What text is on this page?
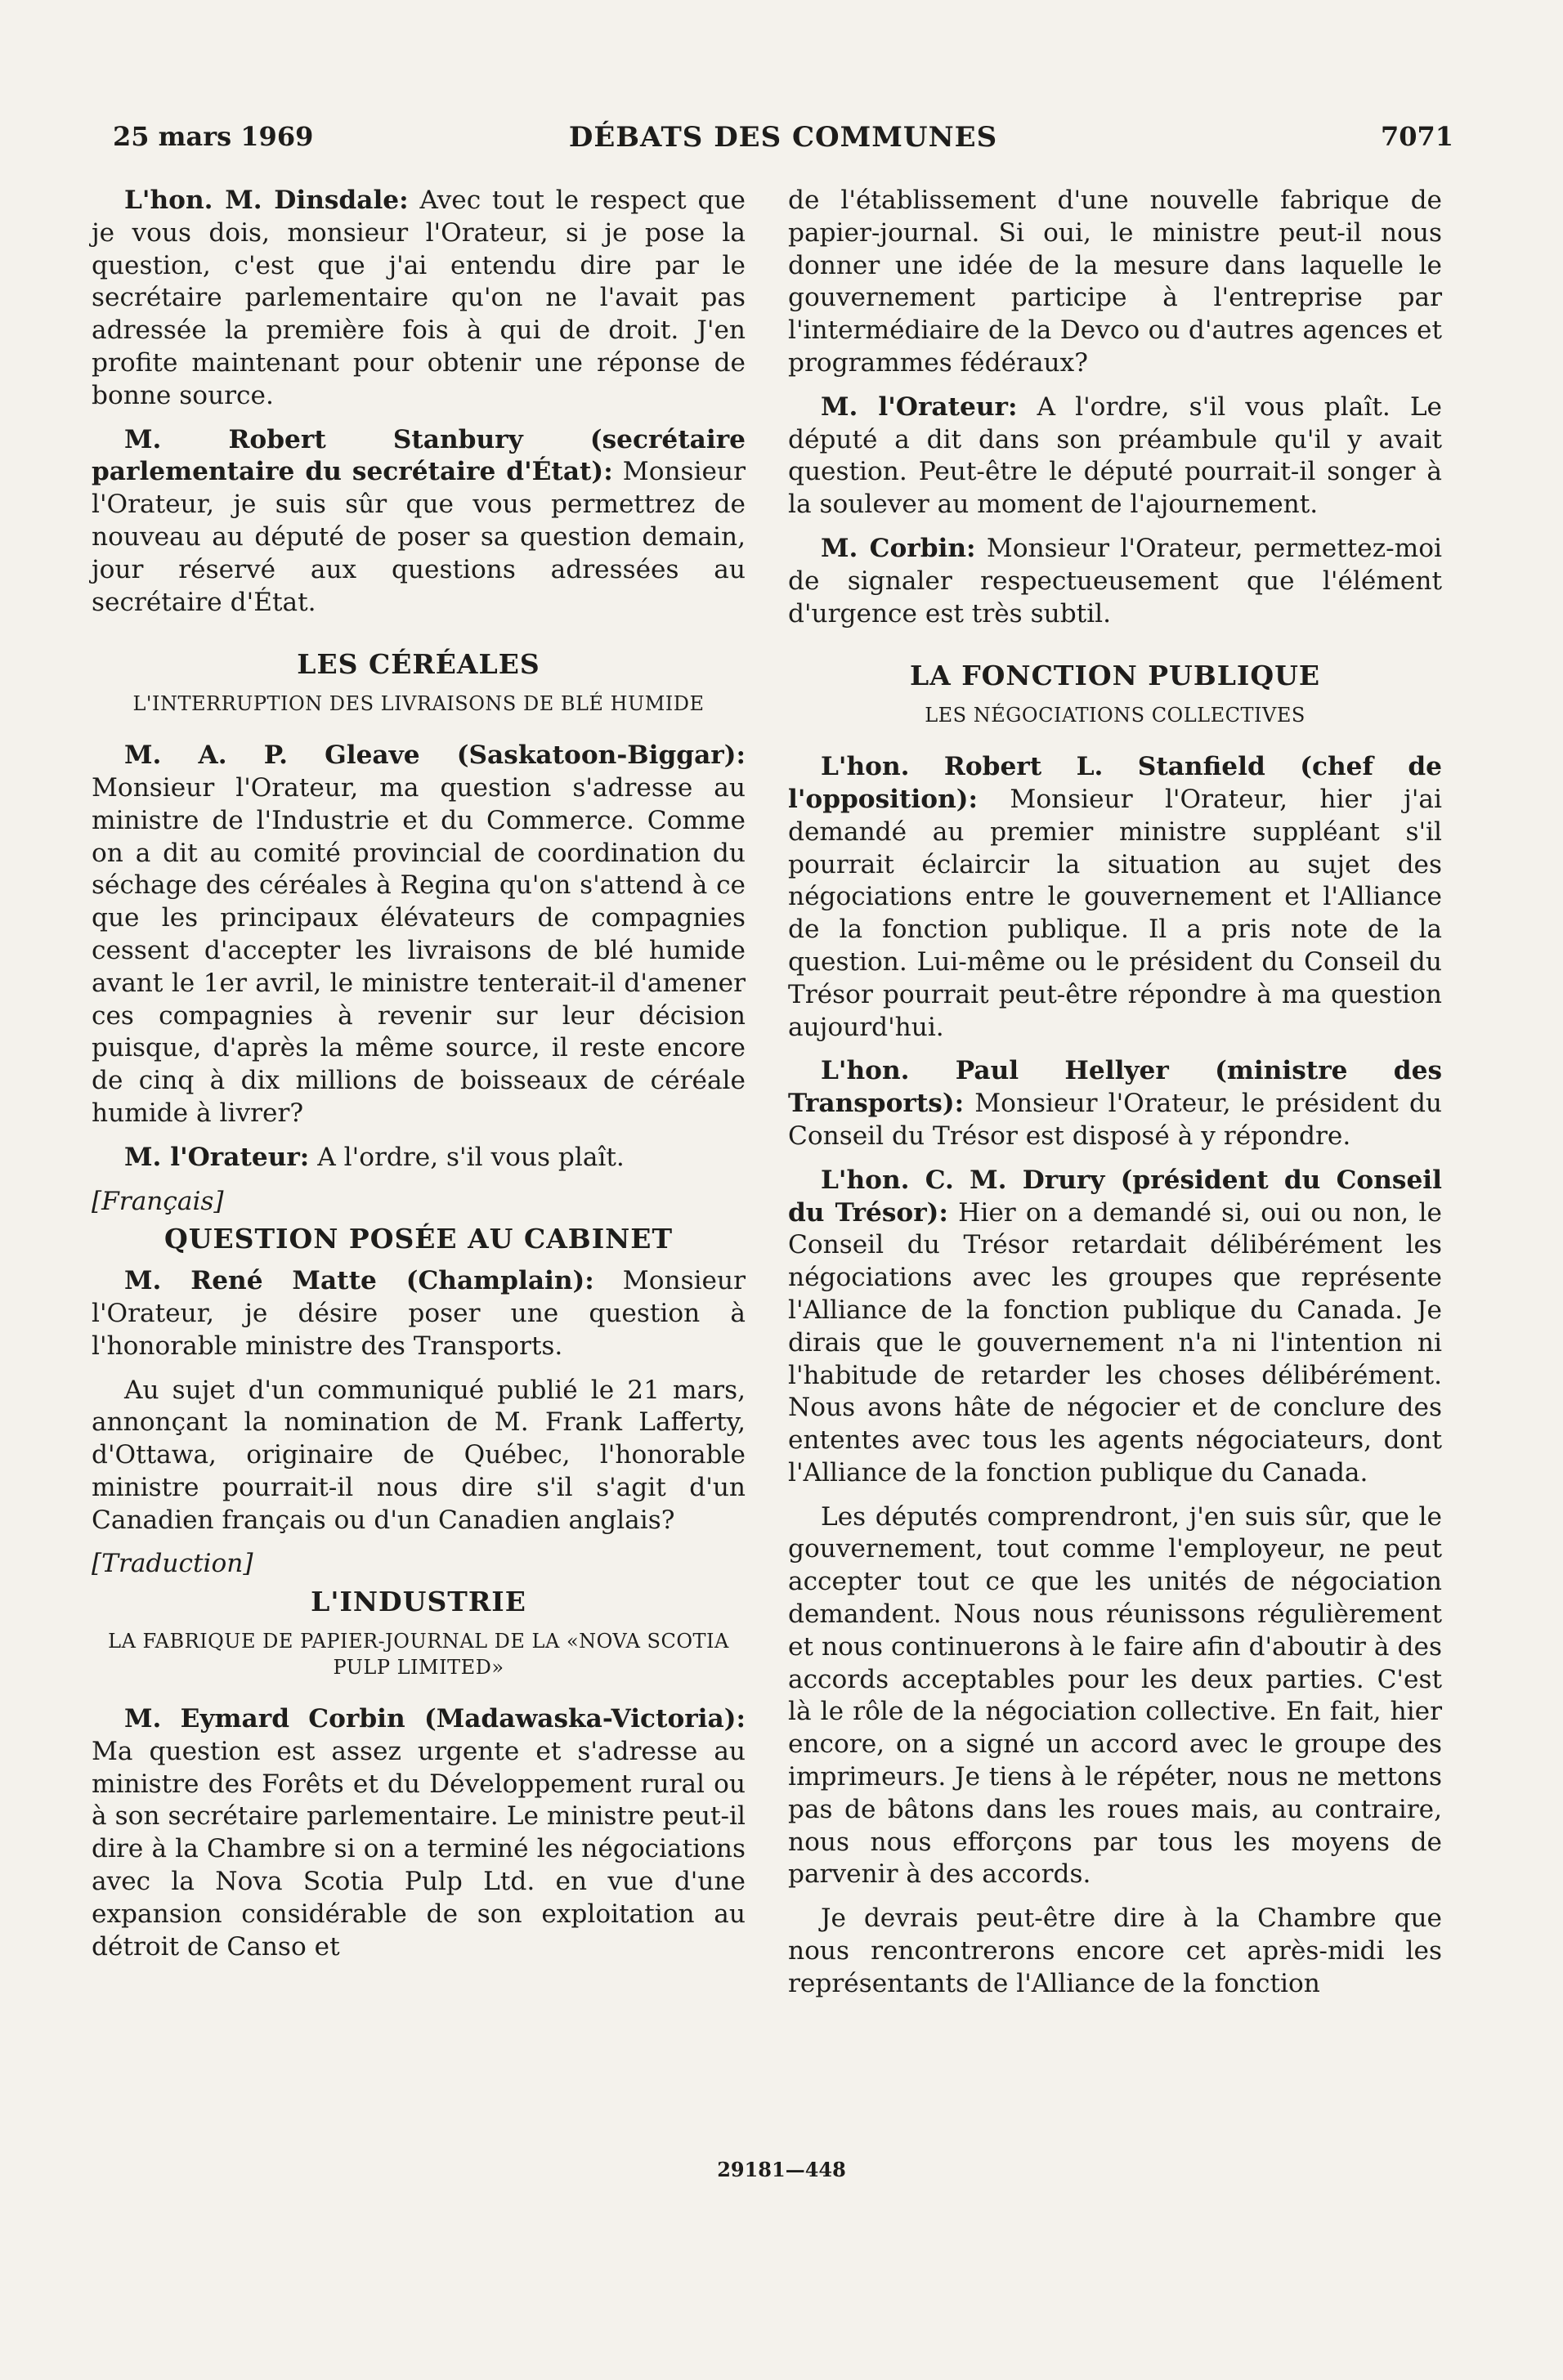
25 mars 1969	DÉBATS DES COMMUNES	7071

L'hon. M. Dinsdale: Avec tout le respect que je vous dois, monsieur l'Orateur, si je pose la question, c'est que j'ai entendu dire par le secrétaire parlementaire qu'on ne l'avait pas adressée la première fois à qui de droit. J'en profite maintenant pour obtenir une réponse de bonne source.

M. Robert Stanbury (secrétaire parlementaire du secrétaire d'État): Monsieur l'Orateur, je suis sûr que vous permettrez de nouveau au député de poser sa question demain, jour réservé aux questions adressées au secrétaire d'État.

LES CÉRÉALES
L'INTERRUPTION DES LIVRAISONS DE BLÉ HUMIDE

M. A. P. Gleave (Saskatoon-Biggar): Monsieur l'Orateur, ma question s'adresse au ministre de l'Industrie et du Commerce. Comme on a dit au comité provincial de coordination du séchage des céréales à Regina qu'on s'attend à ce que les principaux élévateurs de compagnies cessent d'accepter les livraisons de blé humide avant le 1er avril, le ministre tenterait-il d'amener ces compagnies à revenir sur leur décision puisque, d'après la même source, il reste encore de cinq à dix millions de boisseaux de céréale humide à livrer?

M. l'Orateur: A l'ordre, s'il vous plaît.

[Français]

QUESTION POSÉE AU CABINET

M. René Matte (Champlain): Monsieur l'Orateur, je désire poser une question à l'honorable ministre des Transports.

Au sujet d'un communiqué publié le 21 mars, annonçant la nomination de M. Frank Lafferty, d'Ottawa, originaire de Québec, l'honorable ministre pourrait-il nous dire s'il s'agit d'un Canadien français ou d'un Canadien anglais?

[Traduction]

L'INDUSTRIE
LA FABRIQUE DE PAPIER-JOURNAL DE LA «NOVA SCOTIA PULP LIMITED»

M. Eymard Corbin (Madawaska-Victoria): Ma question est assez urgente et s'adresse au ministre des Forêts et du Développement rural ou à son secrétaire parlementaire. Le ministre peut-il dire à la Chambre si on a terminé les négociations avec la Nova Scotia Pulp Ltd. en vue d'une expansion considérable de son exploitation au détroit de Canso et

de l'établissement d'une nouvelle fabrique de papier-journal. Si oui, le ministre peut-il nous donner une idée de la mesure dans laquelle le gouvernement participe à l'entreprise par l'intermédiaire de la Devco ou d'autres agences et programmes fédéraux?

M. l'Orateur: A l'ordre, s'il vous plaît. Le député a dit dans son préambule qu'il y avait question. Peut-être le député pourrait-il songer à la soulever au moment de l'ajournement.

M. Corbin: Monsieur l'Orateur, permettez-moi de signaler respectueusement que l'élément d'urgence est très subtil.

LA FONCTION PUBLIQUE
LES NÉGOCIATIONS COLLECTIVES

L'hon. Robert L. Stanfield (chef de l'opposition): Monsieur l'Orateur, hier j'ai demandé au premier ministre suppléant s'il pourrait éclaircir la situation au sujet des négociations entre le gouvernement et l'Alliance de la fonction publique. Il a pris note de la question. Lui-même ou le président du Conseil du Trésor pourrait peut-être répondre à ma question aujourd'hui.

L'hon. Paul Hellyer (ministre des Transports): Monsieur l'Orateur, le président du Conseil du Trésor est disposé à y répondre.

L'hon. C. M. Drury (président du Conseil du Trésor): Hier on a demandé si, oui ou non, le Conseil du Trésor retardait délibérément les négociations avec les groupes que représente l'Alliance de la fonction publique du Canada. Je dirais que le gouvernement n'a ni l'intention ni l'habitude de retarder les choses délibérément. Nous avons hâte de négocier et de conclure des ententes avec tous les agents négociateurs, dont l'Alliance de la fonction publique du Canada.

Les députés comprendront, j'en suis sûr, que le gouvernement, tout comme l'employeur, ne peut accepter tout ce que les unités de négociation demandent. Nous nous réunissons régulièrement et nous continuerons à le faire afin d'aboutir à des accords acceptables pour les deux parties. C'est là le rôle de la négociation collective. En fait, hier encore, on a signé un accord avec le groupe des imprimeurs. Je tiens à le répéter, nous ne mettons pas de bâtons dans les roues mais, au contraire, nous nous efforçons par tous les moyens de parvenir à des accords.

Je devrais peut-être dire à la Chambre que nous rencontrerons encore cet après-midi les représentants de l'Alliance de la fonction

29181—448
